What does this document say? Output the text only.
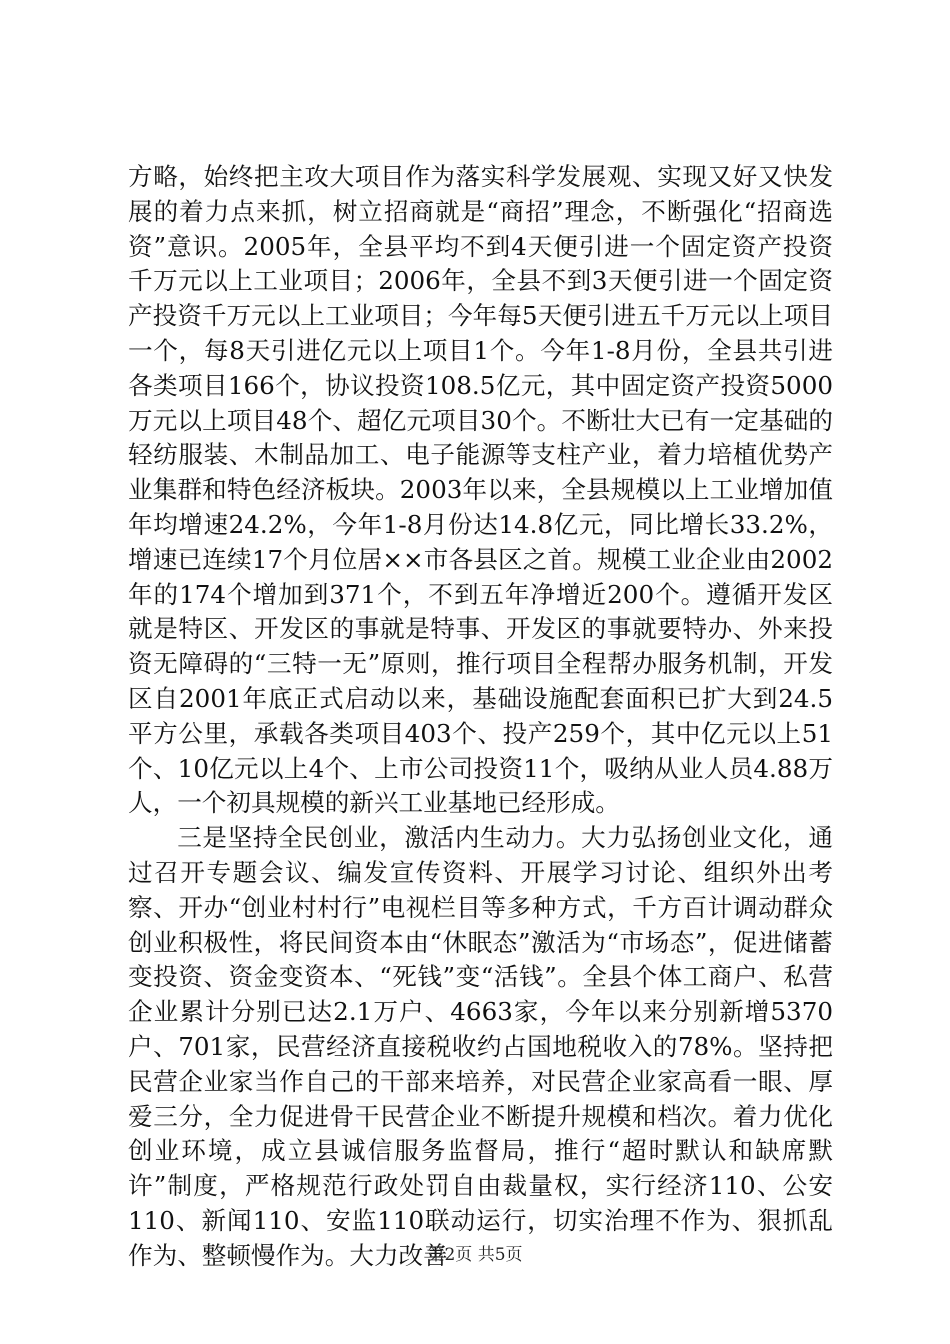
方略，始终把主攻大项目作为落实科学发展观、实现又好又快发展的着力点来抓，树立招商就是“商招”理念，不断强化“招商选资”意识。2005年，全县平均不到4天便引进一个固定资产投资千万元以上工业项目；2006年，全县不到3天便引进一个固定资产投资千万元以上工业项目；今年每5天便引进五千万元以上项目一个，每8天引进亿元以上项目1个。今年1-8月份，全县共引进各类项目166个，协议投资108.5亿元，其中固定资产投资5000万元以上项目48个、超亿元项目30个。不断壮大已有一定基础的轻纺服装、木制品加工、电子能源等支柱产业，着力培植优势产业集群和特色经济板块。2003年以来，全县规模以上工业增加值年均增速24.2%，今年1-8月份达14.8亿元，同比增长33.2%，增速已连续17个月位居××市各县区之首。规模工业企业由2002年的174个增加到371个，不到五年净增近200个。遵循开发区就是特区、开发区的事就是特事、开发区的事就要特办、外来投资无障碍的“三特一无”原则，推行项目全程帮办服务机制，开发区自2001年底正式启动以来，基础设施配套面积已扩大到24.5平方公里，承载各类项目403个、投产259个，其中亿元以上51个、10亿元以上4个、上市公司投资11个，吸纳从业人员4.88万人，一个初具规模的新兴工业基地已经形成。

三是坚持全民创业，激活内生动力。大力弘扬创业文化，通过召开专题会议、编发宣传资料、开展学习讨论、组织外出考察、开办“创业村村行”电视栏目等多种方式，千方百计调动群众创业积极性，将民间资本由“休眠态”激活为“市场态”，促进储蓄变投资、资金变资本、“死钱”变“活钱”。全县个体工商户、私营企业累计分别已达2.1万户、4663家，今年以来分别新增5370户、701家，民营经济直接税收约占国地税收入的78%。坚持把民营企业家当作自己的干部来培养，对民营企业家高看一眼、厚爱三分，全力促进骨干民营企业不断提升规模和档次。着力优化创业环境，成立县诚信服务监督局，推行“超时默认和缺席默许”制度，严格规范行政处罚自由裁量权，实行经济110、公安110、新闻110、安监110联动运行，切实治理不作为、狠抓乱作为、整顿慢作为。大力改善

第2页 共5页
